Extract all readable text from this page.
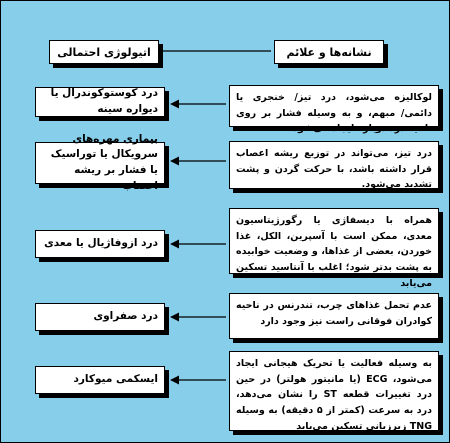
نشانه‌ها و علائم
اتیولوژی احتمالی
لوکالیزه می‌شود، درد تیز/ خنجری یا دائمی/ مبهم، و به وسیله فشار بر روی ناحیه درد دوباره ایجاد می‌شود
درد کوستوکوندرال یا دیواره سینه
درد تیز، می‌تواند در توزیع ریشه اعصاب قرار داشته باشد، با حرکت گردن و پشت تشدید می‌شود.
بیماری مهره‌های سرویکال یا توراسیک یا فشار بر ریشه اعصاب
همراه با دیسفاژی یا رگورژیتاسیون معدی، ممکن است با آسپرین، الکل، غذا خوردن، بعضی از غذاها، و وضعیت خوابیده به پشت بدتر شود؛ اغلب با آنتاسید تسکین می‌یابد
درد ازوفاژیال یا معدی
عدم تحمل غذاهای چرب، تندرنس در ناحیه کوادران فوقانی راست نیز وجود دارد
درد صفراوی
به وسیله فعالیت یا تحریک هیجانی ایجاد می‌شود، ECG (یا مانیتور هولتر) در حین درد تغییرات قطعه ST را نشان می‌دهد، درد به سرعت (کمتر از ۵ دقیقه) به وسیله TNG زیرزبانی تسکین می‌یابد
ایسکمی میوکارد
